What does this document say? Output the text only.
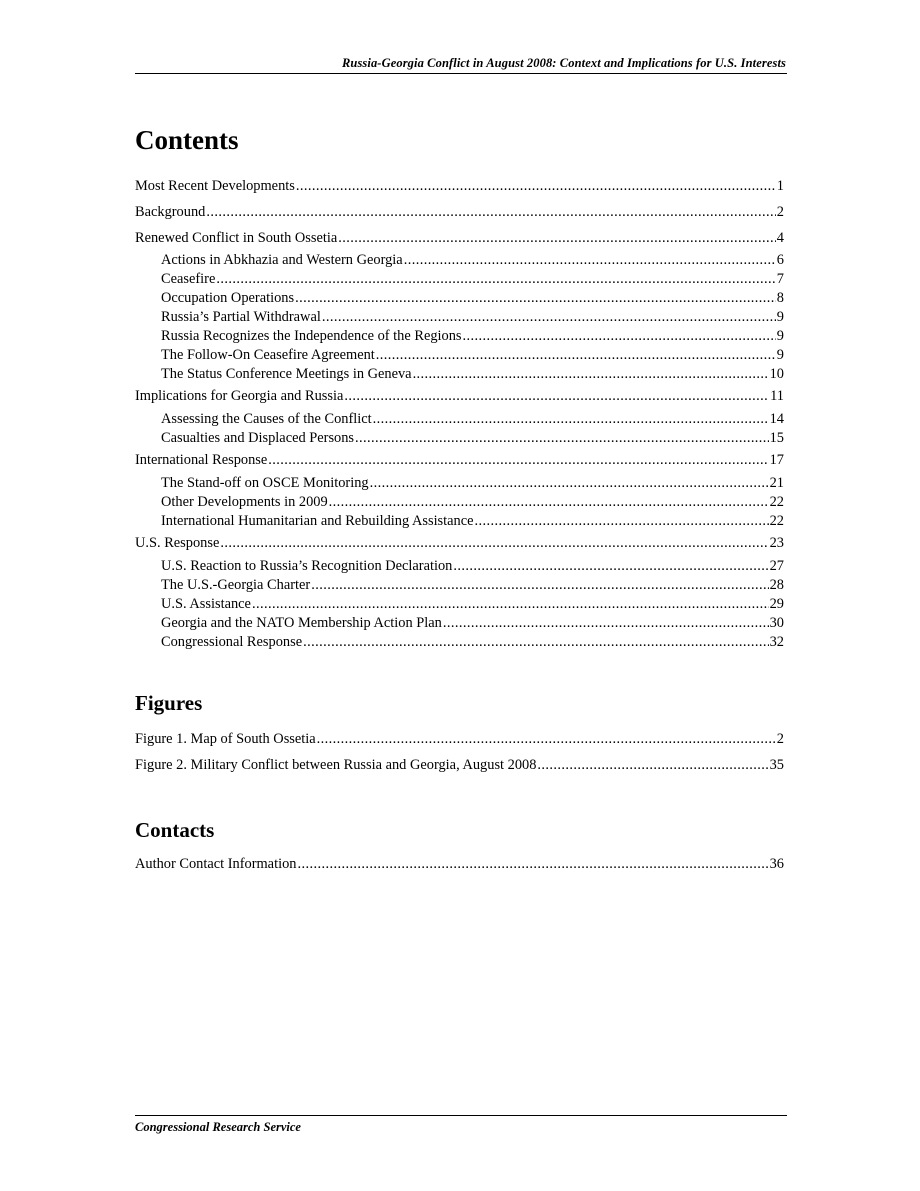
Russia-Georgia Conflict in August 2008: Context and Implications for U.S. Interests
Contents
Most Recent Developments .....	1
Background .....	2
Renewed Conflict in South Ossetia .....	4
Actions in Abkhazia and Western Georgia .....	6
Ceasefire .....	7
Occupation Operations .....	8
Russia’s Partial Withdrawal .....	9
Russia Recognizes the Independence of the Regions .....	9
The Follow-On Ceasefire Agreement .....	9
The Status Conference Meetings in Geneva .....	10
Implications for Georgia and Russia .....	11
Assessing the Causes of the Conflict .....	14
Casualties and Displaced Persons .....	15
International Response .....	17
The Stand-off on OSCE Monitoring .....	21
Other Developments in 2009 .....	22
International Humanitarian and Rebuilding Assistance .....	22
U.S. Response .....	23
U.S. Reaction to Russia’s Recognition Declaration .....	27
The U.S.-Georgia Charter .....	28
U.S. Assistance .....	29
Georgia and the NATO Membership Action Plan .....	30
Congressional Response .....	32
Figures
Figure 1. Map of South Ossetia .....	2
Figure 2. Military Conflict between Russia and Georgia, August 2008 .....	35
Contacts
Author Contact Information .....	36
Congressional Research Service
